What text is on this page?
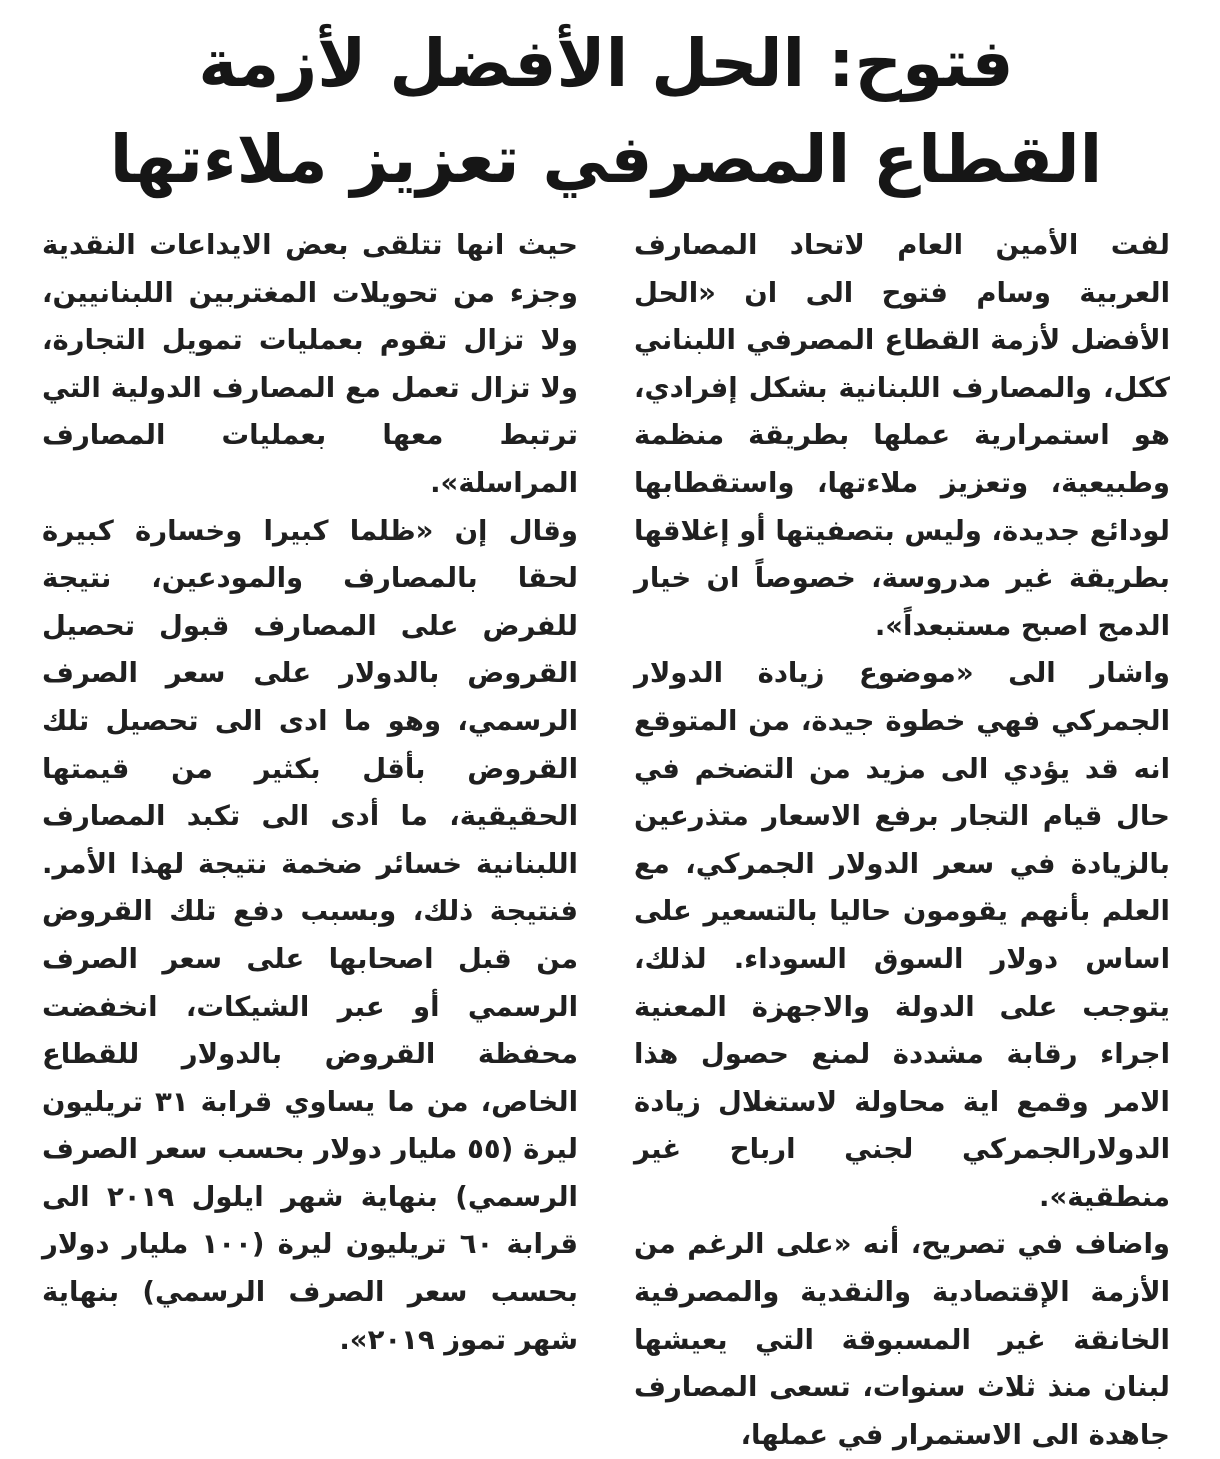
فتوح: الحل الأفضل لأزمة
القطاع المصرفي تعزيز ملاءتها

لفت الأمين العام لاتحاد المصارف العربية وسام فتوح الى ان «الحل الأفضل لأزمة القطاع المصرفي اللبناني ككل، والمصارف اللبنانية بشكل إفرادي، هو استمرارية عملها بطريقة منظمة وطبيعية، وتعزيز ملاءتها، واستقطابها لودائع جديدة، وليس بتصفيتها أو إغلاقها بطريقة غير مدروسة، خصوصاً ان خيار الدمج اصبح مستبعداً».

واشار الى «موضوع زيادة الدولار الجمركي فهي خطوة جيدة، من المتوقع انه قد يؤدي الى مزيد من التضخم في حال قيام التجار برفع الاسعار متذرعين بالزيادة في سعر الدولار الجمركي، مع العلم بأنهم يقومون حاليا بالتسعير على اساس دولار السوق السوداء. لذلك، يتوجب على الدولة والاجهزة المعنية اجراء رقابة مشددة لمنع حصول هذا الامر وقمع اية محاولة لاستغلال زيادة الدولارالجمركي لجني ارباح غير منطقية».

واضاف في تصريح، أنه «على الرغم من الأزمة الإقتصادية والنقدية والمصرفية الخانقة غير المسبوقة التي يعيشها لبنان منذ ثلاث سنوات، تسعى المصارف جاهدة الى الاستمرار في عملها،

حيث انها تتلقى بعض الايداعات النقدية وجزء من تحويلات المغتربين اللبنانيين، ولا تزال تقوم بعمليات تمويل التجارة، ولا تزال تعمل مع المصارف الدولية التي ترتبط معها بعمليات المصارف المراسلة».

وقال إن «ظلما كبيرا وخسارة كبيرة لحقا بالمصارف والمودعين، نتيجة للفرض على المصارف قبول تحصيل القروض بالدولار على سعر الصرف الرسمي، وهو ما ادى الى تحصيل تلك القروض بأقل بكثير من قيمتها الحقيقية، ما أدى الى تكبد المصارف اللبنانية خسائر ضخمة نتيجة لهذا الأمر. فنتيجة ذلك، وبسبب دفع تلك القروض من قبل اصحابها على سعر الصرف الرسمي أو عبر الشيكات، انخفضت محفظة القروض بالدولار للقطاع الخاص، من ما يساوي قرابة ٣١ تريليون ليرة (٥٥ مليار دولار بحسب سعر الصرف الرسمي) بنهاية شهر ايلول ٢٠١٩ الى قرابة ٦٠ تريليون ليرة (١٠٠ مليار دولار بحسب سعر الصرف الرسمي) بنهاية شهر تموز ٢٠١٩».
